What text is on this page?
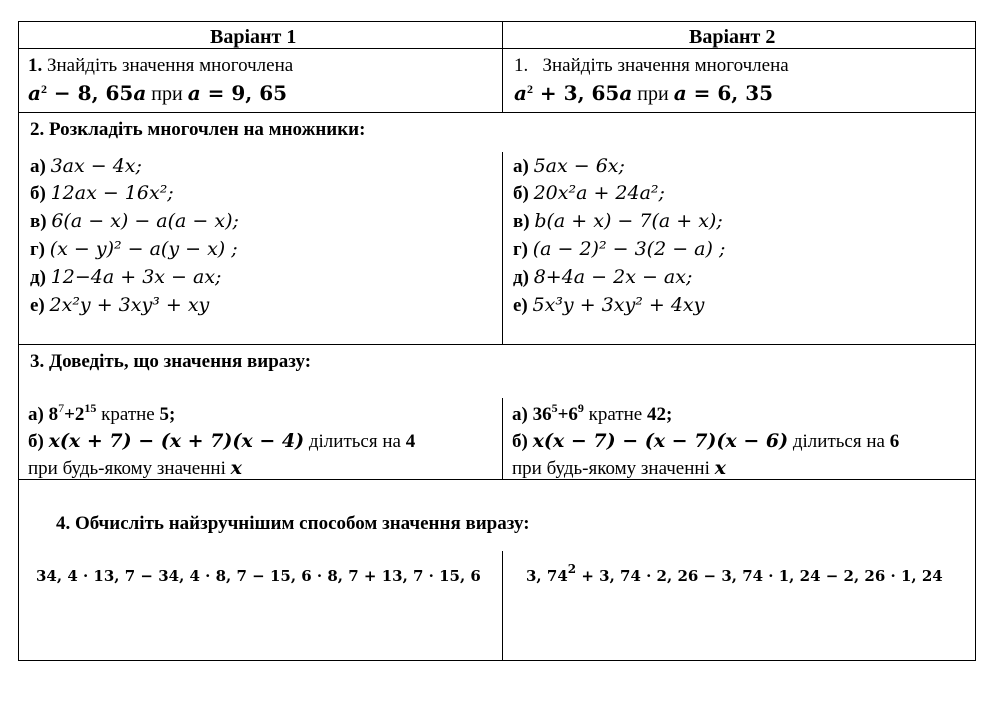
Варіант 1	Варіант 2
1. Знайдіть значення многочлена
$a^2 - 8$, 65a при a = 9, 65
1. Знайдіть значення многочлена
$a^2 + 3$, 65a при a = 6, 35
2. Розкладіть многочлен на множники:
а) 3ax − 4x;
б) 12ax − 16x²;
в) 6(a − x) − a(a − x);
г) (x − y)² − a(y − x) ;
д) 12−4a + 3x − ax;
е) 2x²y + 3xy³ + xy
а) 5ax − 6x;
б) 20x²a + 24a²;
в) b(a + x) − 7(a + x);
г) (a − 2)² − 3(2 − a) ;
д) 8+4a − 2x − ax;
е) 5x³y + 3xy² + 4xy
3. Доведіть, що значення виразу:
а) $8^7+2^{15}$ кратне 5;
б) x(x + 7) − (x + 7)(x − 4) ділиться на 4
при будь-якому значенні x
а) $36^5+6^9$ кратне 42;
б) x(x − 7) − (x − 7)(x − 6) ділиться на 6
при будь-якому значенні x
4. Обчисліть найзручнішим способом значення виразу:
34, 4 · 13, 7 − 34, 4 · 8, 7 − 15, 6 · 8, 7 + 13, 7 · 15, 6	3, $74^2 + 3$, 74 · 2, 26 − 3, 74 · 1, 24 − 2, 26 · 1, 24
